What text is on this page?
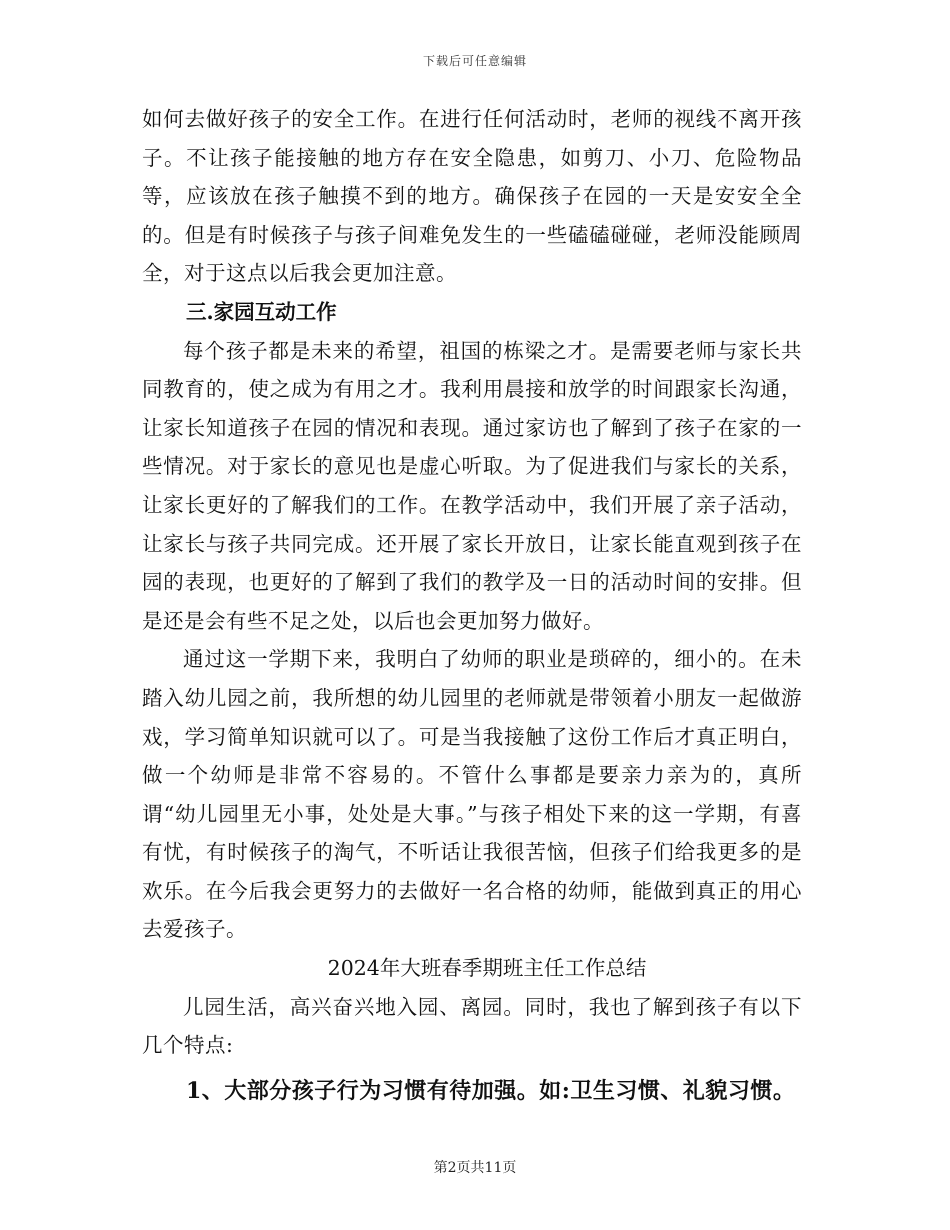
下载后可任意编辑

如何去做好孩子的安全工作。在进行任何活动时，老师的视线不离开孩子。不让孩子能接触的地方存在安全隐患，如剪刀、小刀、危险物品等，应该放在孩子触摸不到的地方。确保孩子在园的一天是安安全全的。但是有时候孩子与孩子间难免发生的一些磕磕碰碰，老师没能顾周全，对于这点以后我会更加注意。

三.家园互动工作

每个孩子都是未来的希望，祖国的栋梁之才。是需要老师与家长共同教育的，使之成为有用之才。我利用晨接和放学的时间跟家长沟通，让家长知道孩子在园的情况和表现。通过家访也了解到了孩子在家的一些情况。对于家长的意见也是虚心听取。为了促进我们与家长的关系，让家长更好的了解我们的工作。在教学活动中，我们开展了亲子活动，让家长与孩子共同完成。还开展了家长开放日，让家长能直观到孩子在园的表现，也更好的了解到了我们的教学及一日的活动时间的安排。但是还是会有些不足之处，以后也会更加努力做好。

通过这一学期下来，我明白了幼师的职业是琐碎的，细小的。在未踏入幼儿园之前，我所想的幼儿园里的老师就是带领着小朋友一起做游戏，学习简单知识就可以了。可是当我接触了这份工作后才真正明白，做一个幼师是非常不容易的。不管什么事都是要亲力亲为的，真所谓“幼儿园里无小事，处处是大事。”与孩子相处下来的这一学期，有喜有忧，有时候孩子的淘气，不听话让我很苦恼，但孩子们给我更多的是欢乐。在今后我会更努力的去做好一名合格的幼师，能做到真正的用心去爱孩子。

2024年大班春季期班主任工作总结

儿园生活，高兴奋兴地入园、离园。同时，我也了解到孩子有以下几个特点:

1、大部分孩子行为习惯有待加强。如:卫生习惯、礼貌习惯。

第2页共11页
